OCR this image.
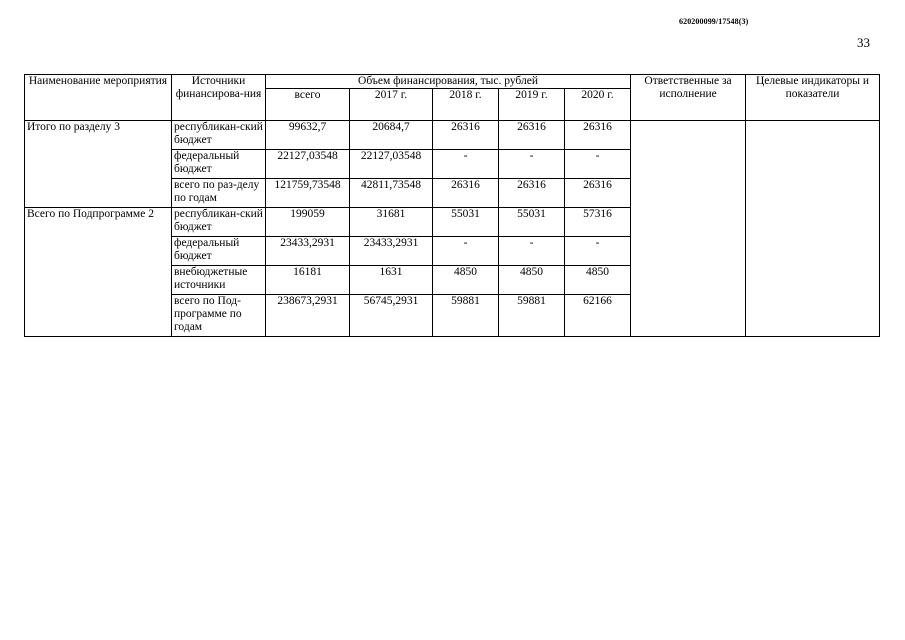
620200099/17548(3)
33
Наименование мероприятия	Источники финансирова-ния	Объем финансирования, тыс. рублей					Ответственные за исполнение	Целевые индикаторы и показатели
		всего	2017 г.	2018 г.	2019 г.	2020 г.		
Итого по разделу 3	республикан-ский бюджет	99632,7	20684,7	26316	26316	26316		
	федеральный бюджет	22127,03548	22127,03548	-	-	-		
	всего по раз-делу по годам	121759,73548	42811,73548	26316	26316	26316		
Всего по Подпрограмме 2	республикан-ский бюджет	199059	31681	55031	55031	57316		
	федеральный бюджет	23433,2931	23433,2931	-	-	-		
	внебюджетные источники	16181	1631	4850	4850	4850		
	всего по Под-программе по годам	238673,2931	56745,2931	59881	59881	62166		
